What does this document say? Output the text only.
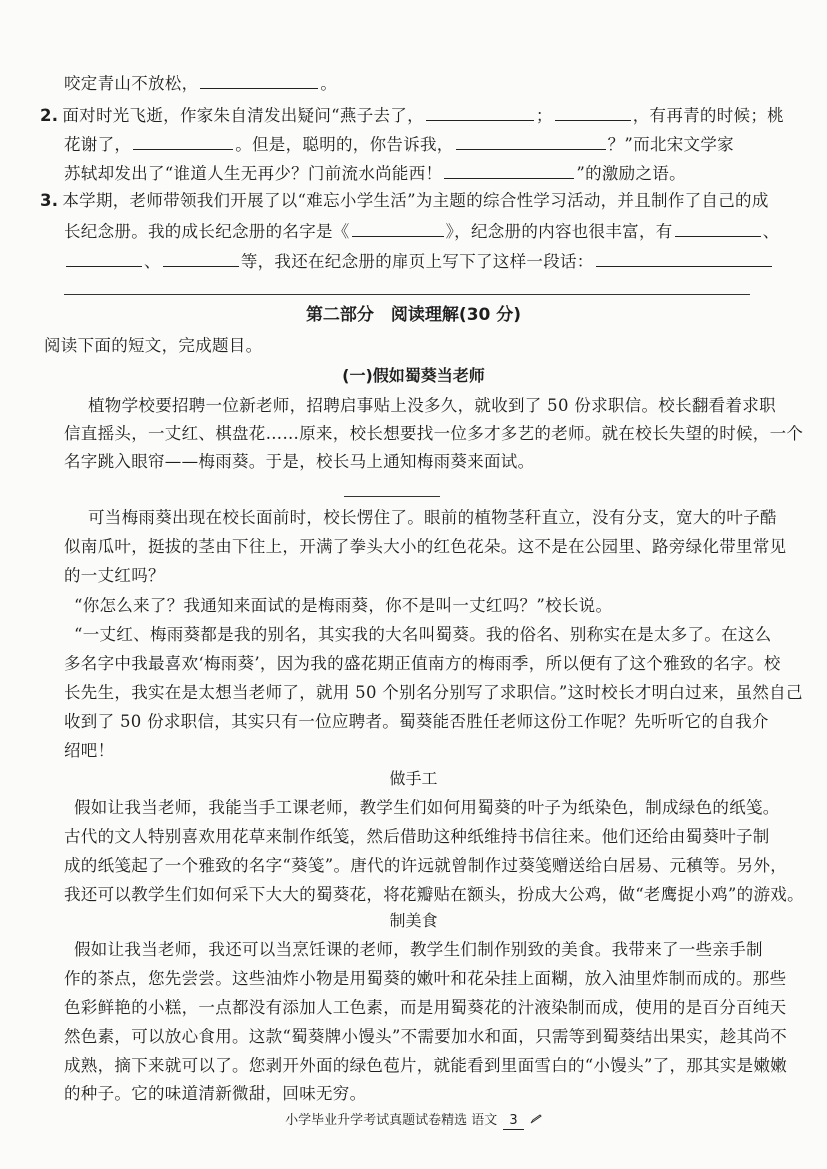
咬定青山不放松，	。
2. 面对时光飞逝，作家朱自清发出疑问“燕子去了，	；	，有再青的时候；桃
花谢了，	。但是，聪明的，你告诉我，	？”而北宋文学家
苏轼却发出了“谁道人生无再少？门前流水尚能西！	”的激励之语。
3. 本学期，老师带领我们开展了以“难忘小学生活”为主题的综合性学习活动，并且制作了自己的成
长纪念册。我的成长纪念册的名字是《	》，纪念册的内容也很丰富，有	、
、	等，我还在纪念册的扉页上写下了这样一段话：
第二部分　阅读理解(30 分)
阅读下面的短文，完成题目。
(一)假如蜀葵当老师
植物学校要招聘一位新老师，招聘启事贴上没多久，就收到了 50 份求职信。校长翻看着求职
信直摇头，一丈红、棋盘花……原来，校长想要找一位多才多艺的老师。就在校长失望的时候，一个
名字跳入眼帘——梅雨葵。于是，校长马上通知梅雨葵来面试。
可当梅雨葵出现在校长面前时，校长愣住了。眼前的植物茎秆直立，没有分支，宽大的叶子酷
似南瓜叶，挺拔的茎由下往上，开满了拳头大小的红色花朵。这不是在公园里、路旁绿化带里常见
的一丈红吗？
“你怎么来了？我通知来面试的是梅雨葵，你不是叫一丈红吗？”校长说。
“一丈红、梅雨葵都是我的别名，其实我的大名叫蜀葵。我的俗名、别称实在是太多了。在这么
多名字中我最喜欢‘梅雨葵’，因为我的盛花期正值南方的梅雨季，所以便有了这个雅致的名字。校
长先生，我实在是太想当老师了，就用 50 个别名分别写了求职信。”这时校长才明白过来，虽然自己
收到了 50 份求职信，其实只有一位应聘者。蜀葵能否胜任老师这份工作呢？先听听它的自我介
绍吧！
做手工
假如让我当老师，我能当手工课老师，教学生们如何用蜀葵的叶子为纸染色，制成绿色的纸笺。
古代的文人特别喜欢用花草来制作纸笺，然后借助这种纸维持书信往来。他们还给由蜀葵叶子制
成的纸笺起了一个雅致的名字“葵笺”。唐代的许远就曾制作过葵笺赠送给白居易、元稹等。另外，
我还可以教学生们如何采下大大的蜀葵花，将花瓣贴在额头，扮成大公鸡，做“老鹰捉小鸡”的游戏。
制美食
假如让我当老师，我还可以当烹饪课的老师，教学生们制作别致的美食。我带来了一些亲手制
作的茶点，您先尝尝。这些油炸小物是用蜀葵的嫩叶和花朵挂上面糊，放入油里炸制而成的。那些
色彩鲜艳的小糕，一点都没有添加人工色素，而是用蜀葵花的汁液染制而成，使用的是百分百纯天
然色素，可以放心食用。这款“蜀葵牌小馒头”不需要加水和面，只需等到蜀葵结出果实，趁其尚不
成熟，摘下来就可以了。您剥开外面的绿色苞片，就能看到里面雪白的“小馒头”了，那其实是嫩嫩
的种子。它的味道清新微甜，回味无穷。
小学毕业升学考试真题试卷精选 语文 3
